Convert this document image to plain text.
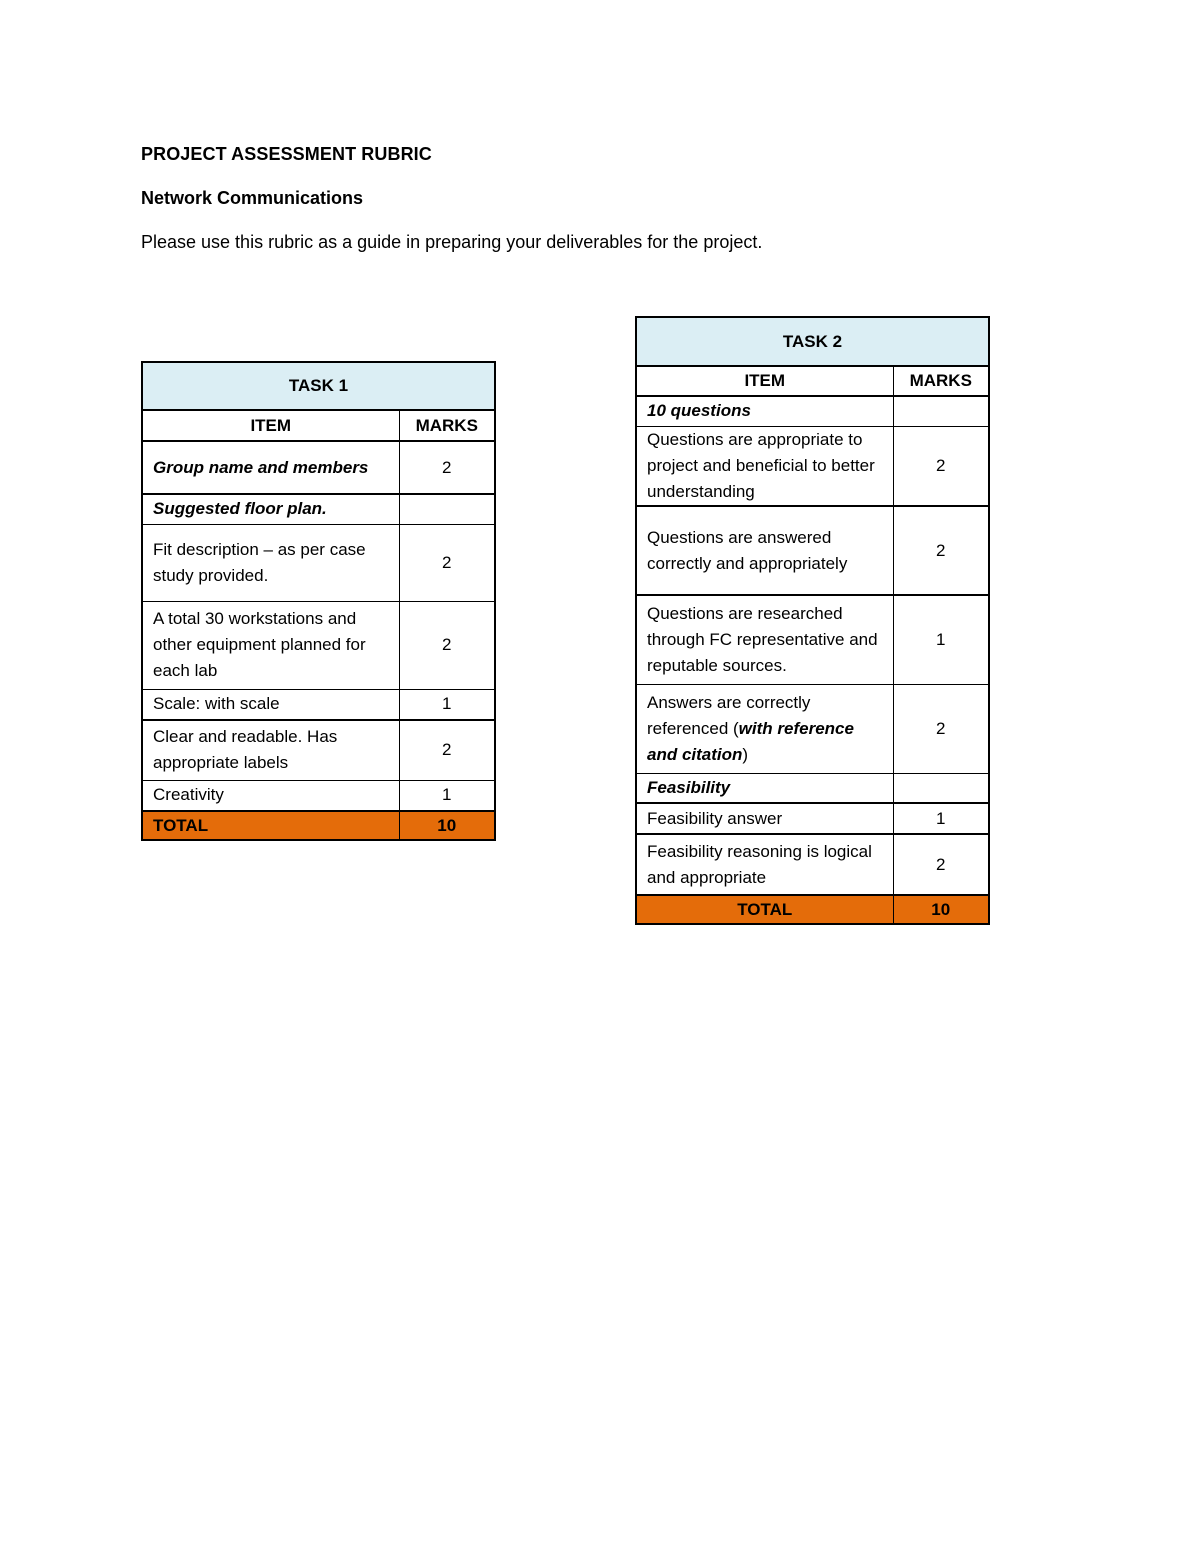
PROJECT ASSESSMENT RUBRIC
Network Communications
Please use this rubric as a guide in preparing your deliverables for the project.
TASK 1	
ITEM	MARKS
Group name and members	2
Suggested floor plan.	
Fit description – as per case study provided.	2
A total 30 workstations and other equipment planned for each lab	2
Scale: with scale	1
Clear and readable. Has appropriate labels	2
Creativity	1
TOTAL	10
TASK 2	
ITEM	MARKS
10 questions	
Questions are appropriate to project and beneficial to better understanding	2
Questions are answered correctly and appropriately	2
Questions are researched through FC representative and reputable sources.	1
Answers are correctly referenced (with reference and citation)	2
Feasibility	
Feasibility answer	1
Feasibility reasoning is logical and appropriate	2
TOTAL	10
